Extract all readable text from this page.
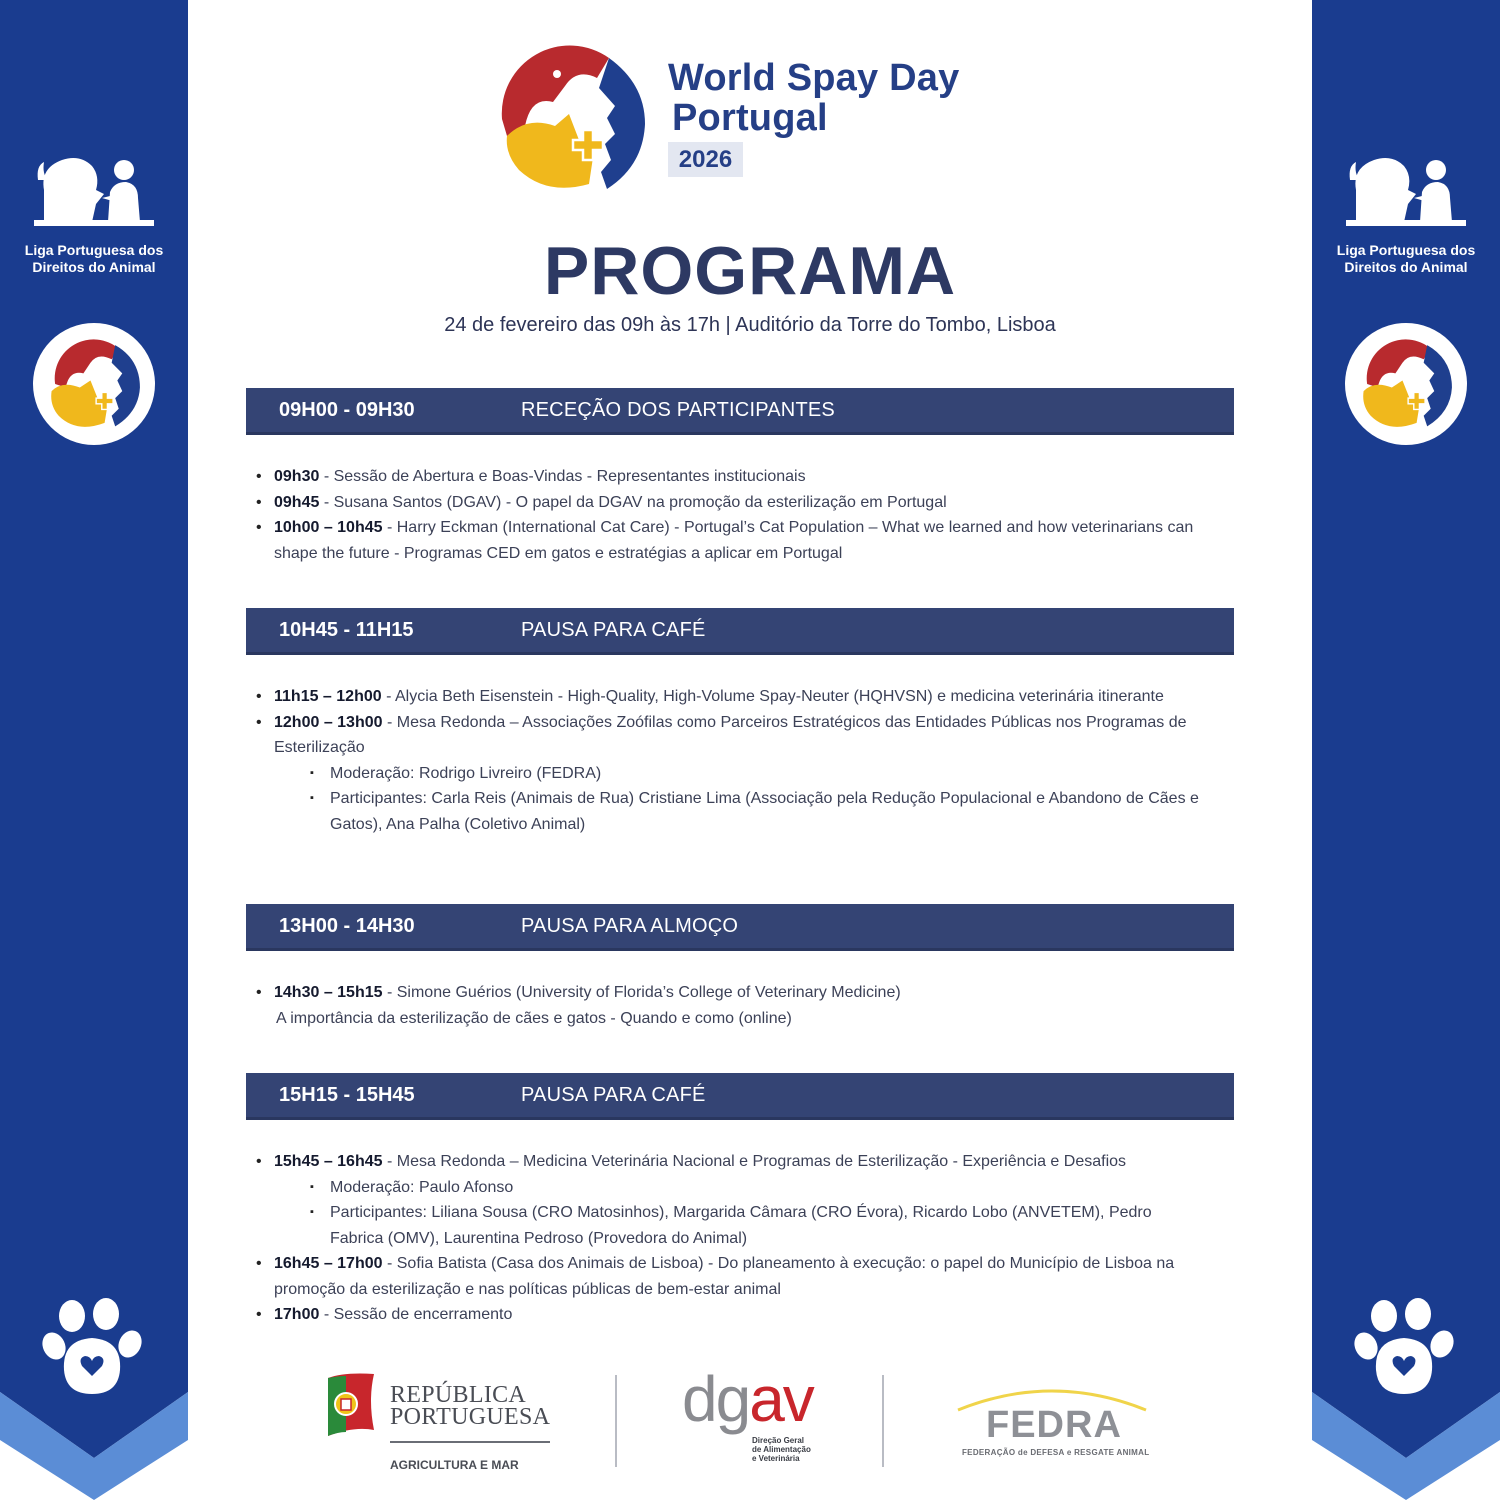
Liga Portuguesa dos
Direitos do Animal
Liga Portuguesa dos
Direitos do Animal
World Spay Day
Portugal
2026
PROGRAMA
24 de fevereiro das 09h às 17h | Auditório da Torre do Tombo, Lisboa
09H00 - 09H30	RECEÇÃO DOS PARTICIPANTES
• 09h30 - Sessão de Abertura e Boas-Vindas - Representantes institucionais
• 09h45 - Susana Santos (DGAV) - O papel da DGAV na promoção da esterilização em Portugal
• 10h00 – 10h45 - Harry Eckman (International Cat Care) - Portugal’s Cat Population – What we learned and how veterinarians can shape the future - Programas CED em gatos e estratégias a aplicar em Portugal
10H45 - 11H15	PAUSA PARA CAFÉ
• 11h15 – 12h00 - Alycia Beth Eisenstein - High-Quality, High-Volume Spay-Neuter (HQHVSN) e medicina veterinária itinerante
• 12h00 – 13h00 - Mesa Redonda – Associações Zoófilas como Parceiros Estratégicos das Entidades Públicas nos Programas de Esterilização
▪ Moderação: Rodrigo Livreiro (FEDRA)
▪ Participantes: Carla Reis (Animais de Rua) Cristiane Lima (Associação pela Redução Populacional e Abandono de Cães e Gatos), Ana Palha (Coletivo Animal)
13H00 - 14H30	PAUSA PARA ALMOÇO
• 14h30 – 15h15 - Simone Guérios (University of Florida’s College of Veterinary Medicine)
A importância da esterilização de cães e gatos - Quando e como (online)
15H15 - 15H45	PAUSA PARA CAFÉ
• 15h45 – 16h45 - Mesa Redonda – Medicina Veterinária Nacional e Programas de Esterilização - Experiência e Desafios
▪ Moderação: Paulo Afonso
▪ Participantes: Liliana Sousa (CRO Matosinhos), Margarida Câmara (CRO Évora), Ricardo Lobo (ANVETEM), Pedro Fabrica (OMV), Laurentina Pedroso (Provedora do Animal)
• 16h45 – 17h00 - Sofia Batista (Casa dos Animais de Lisboa) - Do planeamento à execução: o papel do Município de Lisboa na promoção da esterilização e nas políticas públicas de bem-estar animal
• 17h00 - Sessão de encerramento
REPÚBLICA
PORTUGUESA
AGRICULTURA E MAR
dgav
Direção Geral
de Alimentação
e Veterinária
FEDRA
FEDERAÇÃO de DEFESA e RESGATE ANIMAL
